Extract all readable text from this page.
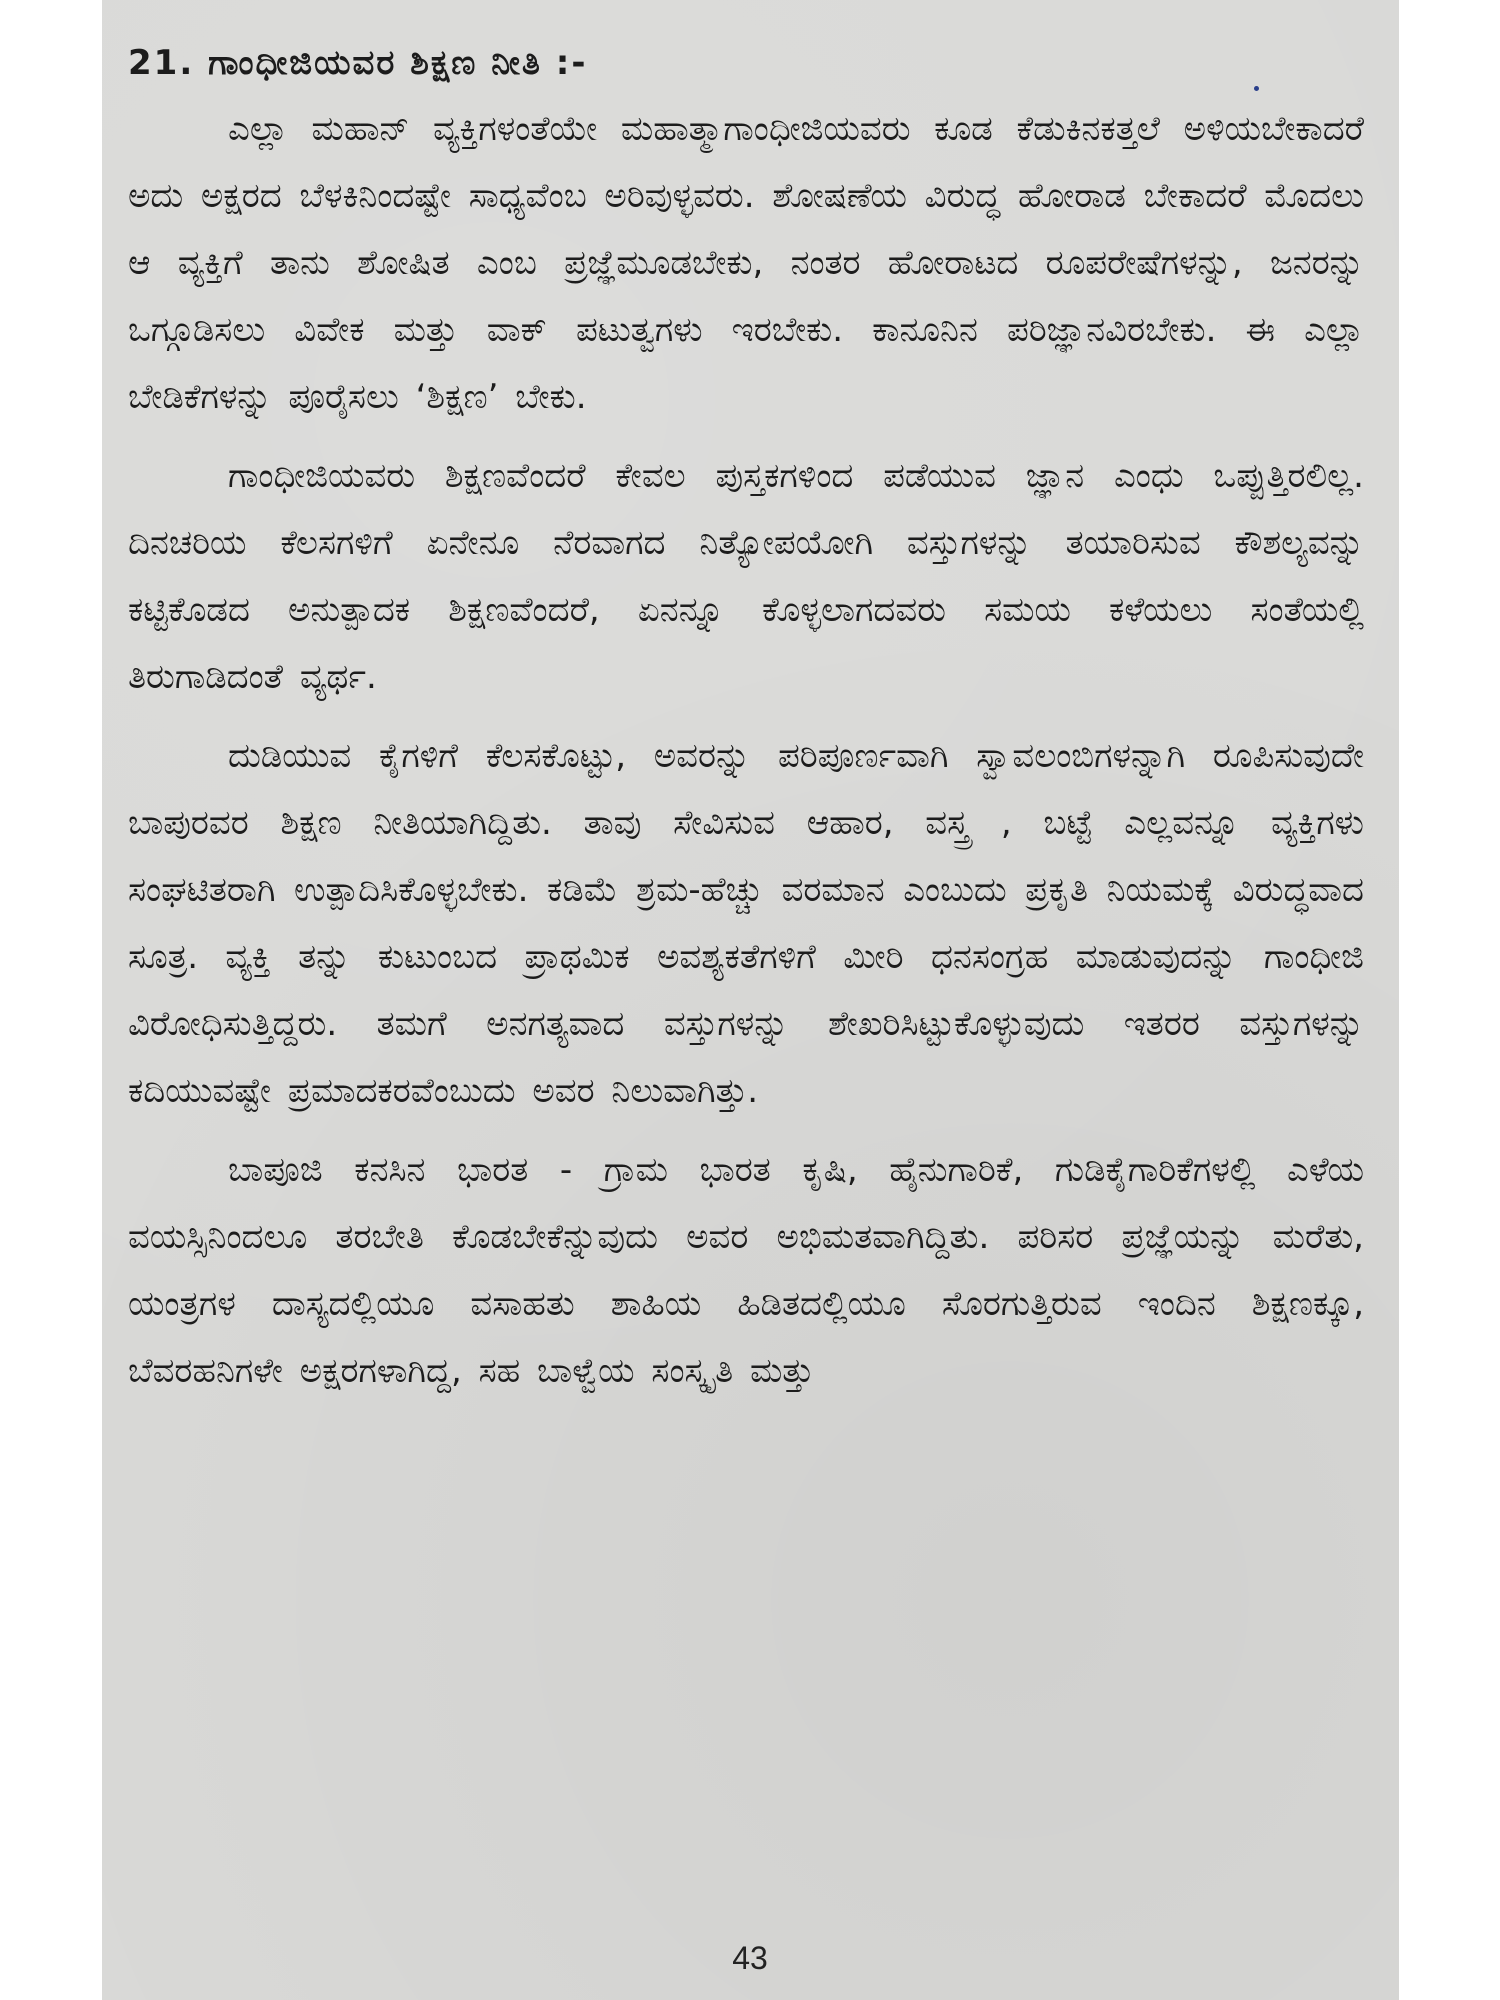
21. ಗಾಂಧೀಜಿಯವರ ಶಿಕ್ಷಣ ನೀತಿ :-

ಎಲ್ಲಾ ಮಹಾನ್ ವ್ಯಕ್ತಿಗಳಂತೆಯೇ ಮಹಾತ್ಮಾಗಾಂಧೀಜಿಯವರು ಕೂಡ ಕೆಡುಕಿನಕತ್ತಲೆ ಅಳಿಯಬೇಕಾದರೆ ಅದು ಅಕ್ಷರದ ಬೆಳಕಿನಿಂದಷ್ಟೇ ಸಾಧ್ಯವೆಂಬ ಅರಿವುಳ್ಳವರು. ಶೋಷಣೆಯ ವಿರುದ್ಧ ಹೋರಾಡ ಬೇಕಾದರೆ ಮೊದಲು ಆ ವ್ಯಕ್ತಿಗೆ ತಾನು ಶೋಷಿತ ಎಂಬ ಪ್ರಜ್ಞೆಮೂಡಬೇಕು, ನಂತರ ಹೋರಾಟದ ರೂಪರೇಷೆಗಳನ್ನು, ಜನರನ್ನು ಒಗ್ಗೂಡಿಸಲು ವಿವೇಕ ಮತ್ತು ವಾಕ್ ಪಟುತ್ವಗಳು ಇರಬೇಕು. ಕಾನೂನಿನ ಪರಿಜ್ಞಾನವಿರಬೇಕು. ಈ ಎಲ್ಲಾ ಬೇಡಿಕೆಗಳನ್ನು ಪೂರೈಸಲು ‘ಶಿಕ್ಷಣ’ ಬೇಕು.

ಗಾಂಧೀಜಿಯವರು ಶಿಕ್ಷಣವೆಂದರೆ ಕೇವಲ ಪುಸ್ತಕಗಳಿಂದ ಪಡೆಯುವ ಜ್ಞಾನ ಎಂಧು ಒಪ್ಪುತ್ತಿರಲಿಲ್ಲ. ದಿನಚರಿಯ ಕೆಲಸಗಳಿಗೆ ಏನೇನೂ ನೆರವಾಗದ ನಿತ್ಯೋಪಯೋಗಿ ವಸ್ತುಗಳನ್ನು ತಯಾರಿಸುವ ಕೌಶಲ್ಯವನ್ನು ಕಟ್ಟಿಕೊಡದ ಅನುತ್ಪಾದಕ ಶಿಕ್ಷಣವೆಂದರೆ, ಏನನ್ನೂ ಕೊಳ್ಳಲಾಗದವರು ಸಮಯ ಕಳೆಯಲು ಸಂತೆಯಲ್ಲಿ ತಿರುಗಾಡಿದಂತೆ ವ್ಯರ್ಥ.

ದುಡಿಯುವ ಕೈಗಳಿಗೆ ಕೆಲಸಕೊಟ್ಟು, ಅವರನ್ನು ಪರಿಪೂರ್ಣವಾಗಿ ಸ್ವಾವಲಂಬಿಗಳನ್ನಾಗಿ ರೂಪಿಸುವುದೇ ಬಾಪುರವರ ಶಿಕ್ಷಣ ನೀತಿಯಾಗಿದ್ದಿತು. ತಾವು ಸೇವಿಸುವ ಆಹಾರ, ವಸ್ತ್ರ , ಬಟ್ಟೆ ಎಲ್ಲವನ್ನೂ ವ್ಯಕ್ತಿಗಳು ಸಂಘಟಿತರಾಗಿ ಉತ್ಪಾದಿಸಿಕೊಳ್ಳಬೇಕು. ಕಡಿಮೆ ಶ್ರಮ-ಹೆಚ್ಚು ವರಮಾನ ಎಂಬುದು ಪ್ರಕೃತಿ ನಿಯಮಕ್ಕೆ ವಿರುದ್ಧವಾದ ಸೂತ್ರ. ವ್ಯಕ್ತಿ ತನ್ನು ಕುಟುಂಬದ ಪ್ರಾಥಮಿಕ ಅವಶ್ಯಕತೆಗಳಿಗೆ ಮೀರಿ ಧನಸಂಗ್ರಹ ಮಾಡುವುದನ್ನು ಗಾಂಧೀಜಿ ವಿರೋಧಿಸುತ್ತಿದ್ದರು. ತಮಗೆ ಅನಗತ್ಯವಾದ ವಸ್ತುಗಳನ್ನು ಶೇಖರಿಸಿಟ್ಟುಕೊಳ್ಳುವುದು ಇತರರ ವಸ್ತುಗಳನ್ನು ಕದಿಯುವಷ್ಟೇ ಪ್ರಮಾದಕರವೆಂಬುದು ಅವರ ನಿಲುವಾಗಿತ್ತು.

ಬಾಪೂಜಿ ಕನಸಿನ ಭಾರತ - ಗ್ರಾಮ ಭಾರತ ಕೃಷಿ, ಹೈನುಗಾರಿಕೆ, ಗುಡಿಕೈಗಾರಿಕೆಗಳಲ್ಲಿ ಎಳೆಯ ವಯಸ್ಸಿನಿಂದಲೂ ತರಬೇತಿ ಕೊಡಬೇಕೆನ್ನುವುದು ಅವರ ಅಭಿಮತವಾಗಿದ್ದಿತು. ಪರಿಸರ ಪ್ರಜ್ಞೆಯನ್ನು ಮರೆತು, ಯಂತ್ರಗಳ ದಾಸ್ಯದಲ್ಲಿಯೂ ವಸಾಹತು ಶಾಹಿಯ ಹಿಡಿತದಲ್ಲಿಯೂ ಸೊರಗುತ್ತಿರುವ ಇಂದಿನ ಶಿಕ್ಷಣಕ್ಕೂ, ಬೆವರಹನಿಗಳೇ ಅಕ್ಷರಗಳಾಗಿದ್ದ, ಸಹ ಬಾಳ್ವೆಯ ಸಂಸ್ಕೃತಿ ಮತ್ತು

43
